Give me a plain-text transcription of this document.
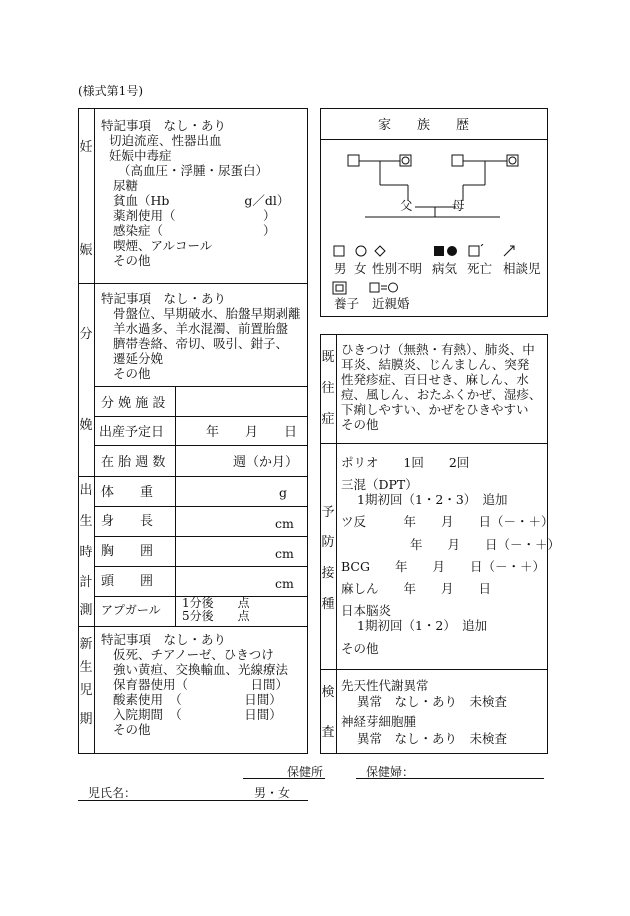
(様式第1号)
妊
娠
特記事項　なし・あり
切迫流産、性器出血
妊娠中毒症
（高血圧・浮腫・尿蛋白）
尿糖
貧血（Hb　　　　　　g／dl）
薬剤使用（　　　　　　　）
感染症（　　　　　　　　）
喫煙、アルコール
その他
分
娩
特記事項　なし・あり
骨盤位、早期破水、胎盤早期剥離
羊水過多、羊水混濁、前置胎盤
臍帯巻絡、帝切、吸引、鉗子、
遷延分娩
その他
分 娩 施 設
出産予定日	年　　月　　日
在 胎 週 数	週（か月）
出
生
時
計
測
体　　重	g
身　　長	cm
胸　　囲	cm
頭　　囲	cm
アプガール 1分後　　点
5分後　　点
新
生
児
期
特記事項　なし・あり
仮死、チアノーゼ、ひきつけ
強い黄疸、交換輸血、光線療法
保育器使用（　　　　　日間）
酸素使用　（　　　　　日間）
入院期間　（　　　　　日間）
その他
家　　族　　歴
父	母
男 女 性別不明 病気 死亡 相談児
養子 近親婚
既
往
症
ひきつけ（無熱・有熱）、肺炎、中
耳炎、結膜炎、じんましん、突発
性発疹症、百日せき、麻しん、水
痘、風しん、おたふくかぜ、湿疹、
下痢しやすい、かぜをひきやすい
その他
予
防
接
種
ポリオ　　1回　　2回
三混（DPT）
1期初回（1・2・3）　追加
ツ反　　　年　　月　　日（－・＋）
年　　月　　日（－・＋）
BCG　　年　　月　　日（－・＋）
麻しん　　年　　月　　日
日本脳炎
1期初回（1・2）　追加
その他
検
査
先天性代謝異常
異常　なし・あり　未検査
神経芽細胞腫
異常　なし・あり　未検査
保健所	保健婦：
児氏名：	男・女
